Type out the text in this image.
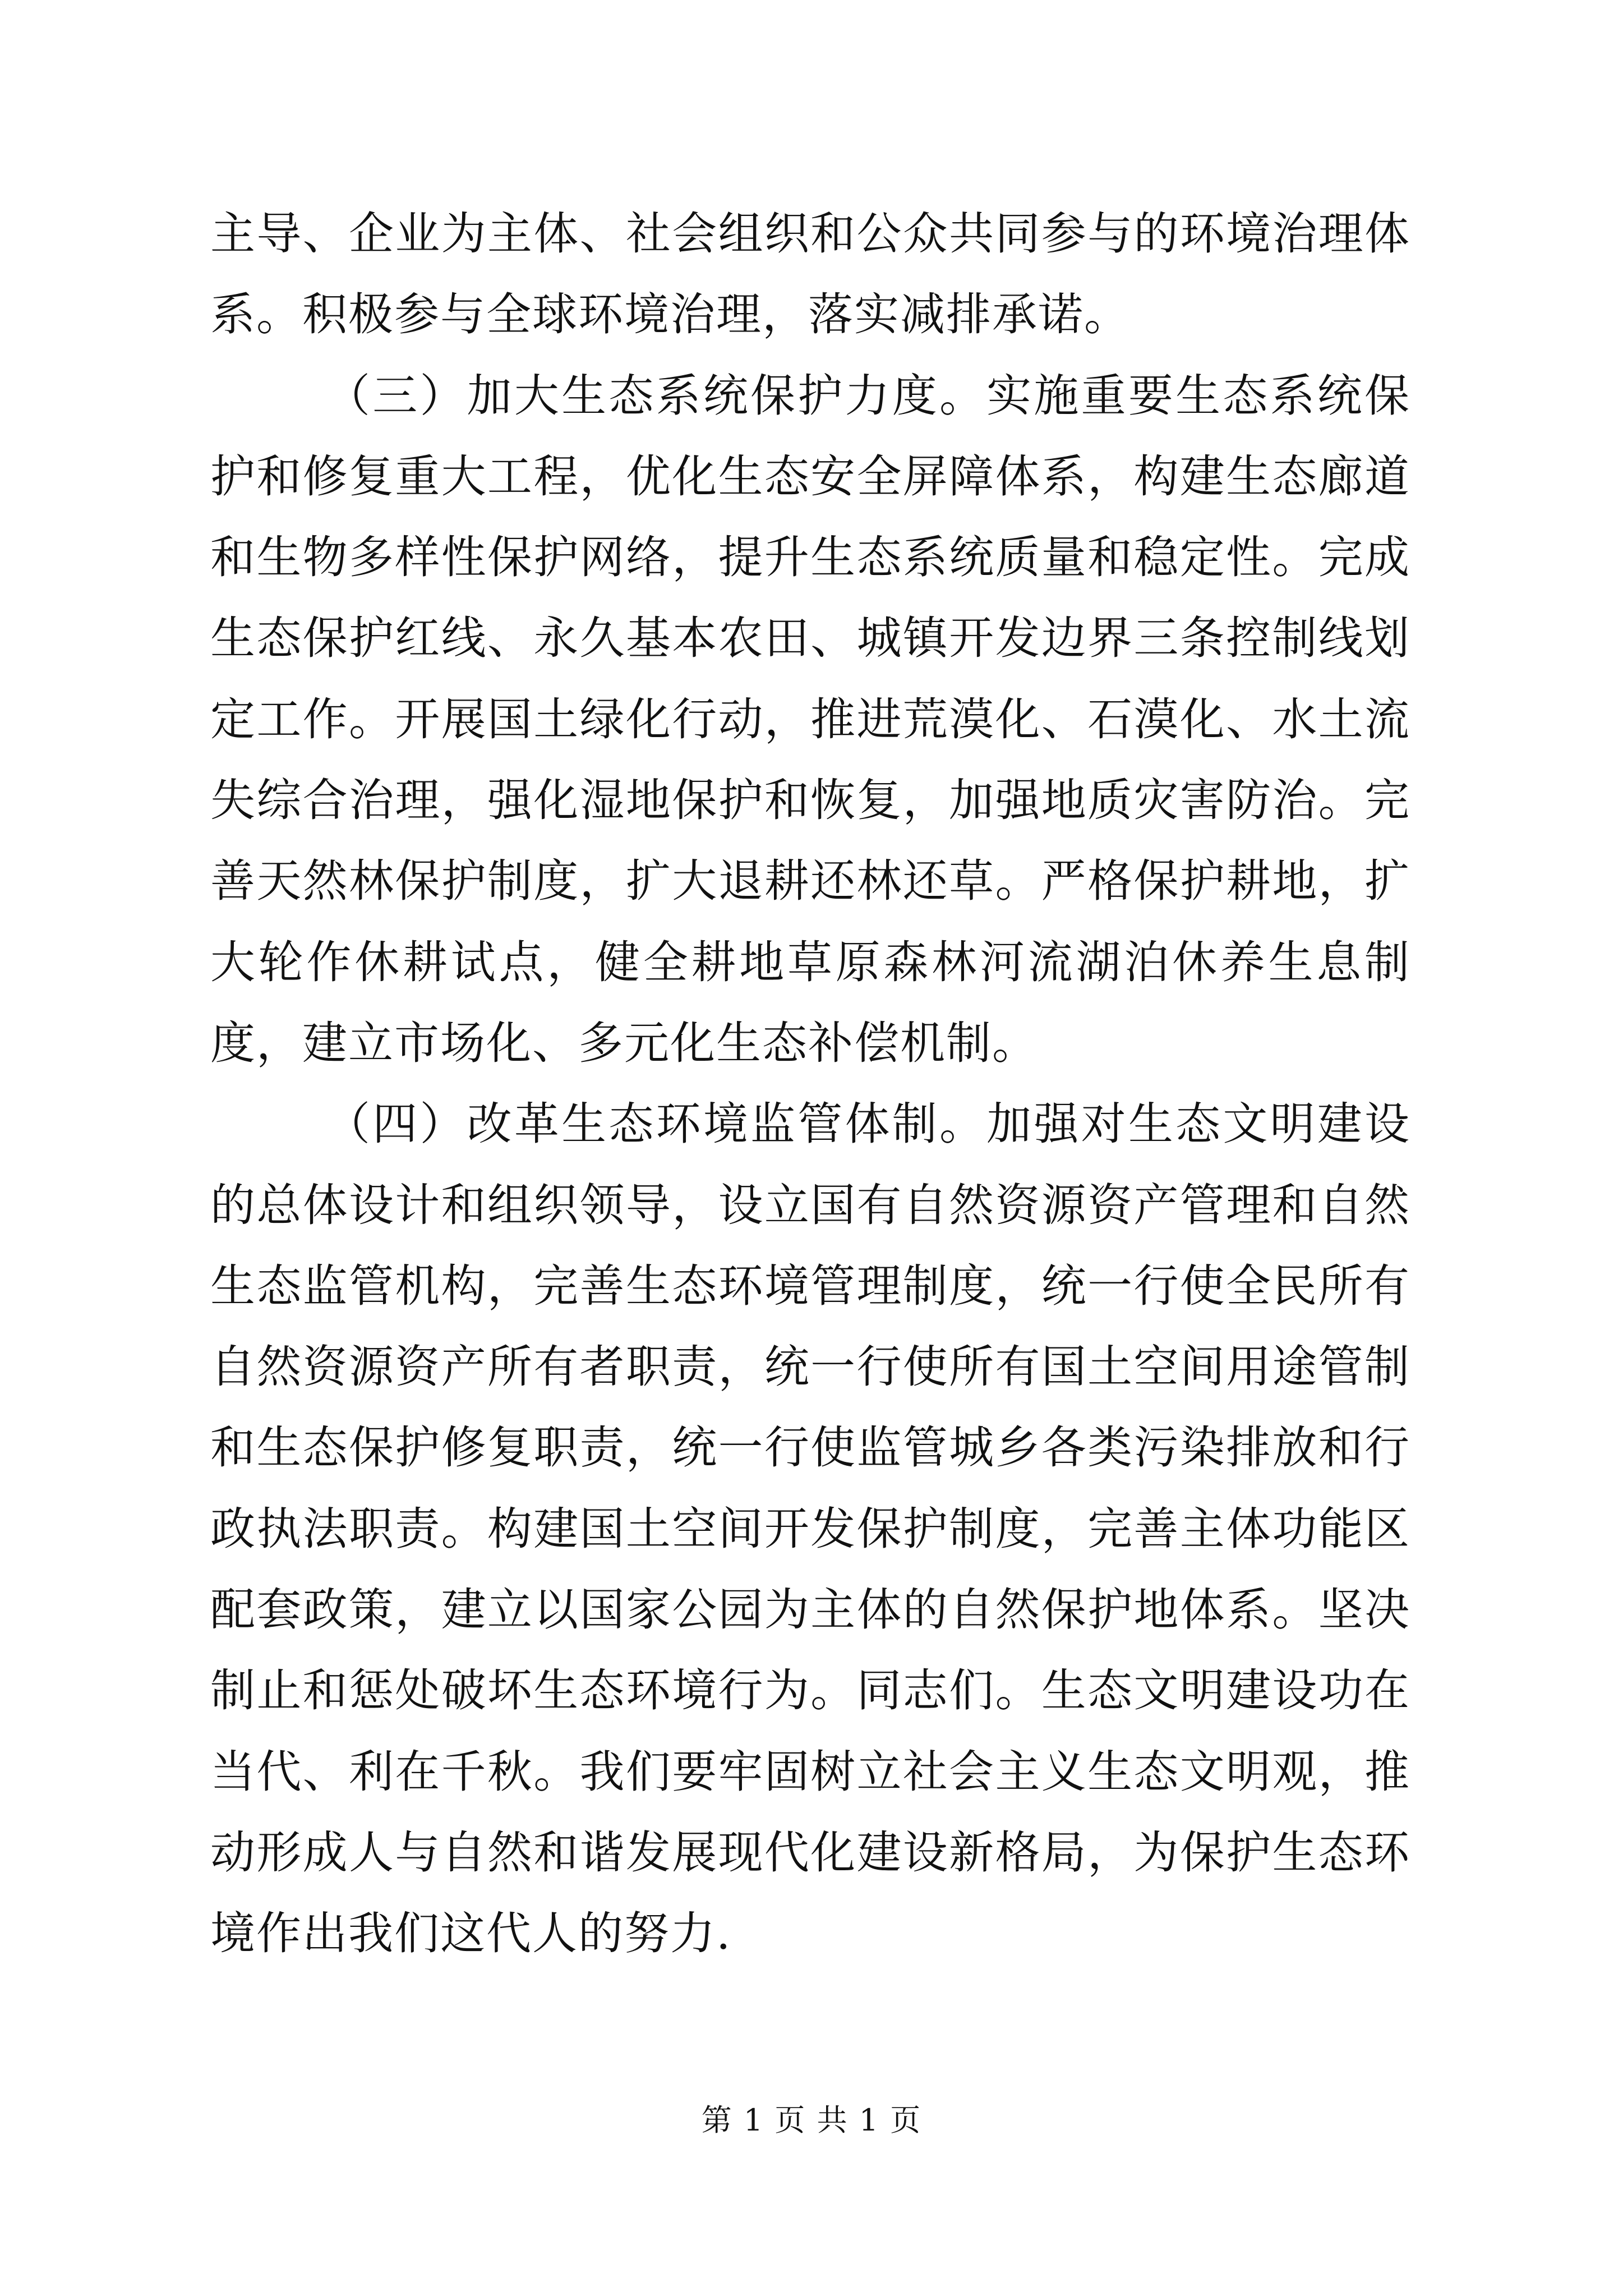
主导、企业为主体、社会组织和公众共同参与的环境治理体系。积极参与全球环境治理，落实减排承诺。

（三）加大生态系统保护力度。实施重要生态系统保护和修复重大工程，优化生态安全屏障体系，构建生态廊道和生物多样性保护网络，提升生态系统质量和稳定性。完成生态保护红线、永久基本农田、城镇开发边界三条控制线划定工作。开展国土绿化行动，推进荒漠化、石漠化、水土流失综合治理，强化湿地保护和恢复，加强地质灾害防治。完善天然林保护制度，扩大退耕还林还草。严格保护耕地，扩大轮作休耕试点，健全耕地草原森林河流湖泊休养生息制度，建立市场化、多元化生态补偿机制。

（四）改革生态环境监管体制。加强对生态文明建设的总体设计和组织领导，设立国有自然资源资产管理和自然生态监管机构，完善生态环境管理制度，统一行使全民所有自然资源资产所有者职责，统一行使所有国土空间用途管制和生态保护修复职责，统一行使监管城乡各类污染排放和行政执法职责。构建国土空间开发保护制度，完善主体功能区配套政策，建立以国家公园为主体的自然保护地体系。坚决制止和惩处破坏生态环境行为。同志们。生态文明建设功在当代、利在千秋。我们要牢固树立社会主义生态文明观，推动形成人与自然和谐发展现代化建设新格局，为保护生态环境作出我们这代人的努力.

第 1 页 共 1 页
